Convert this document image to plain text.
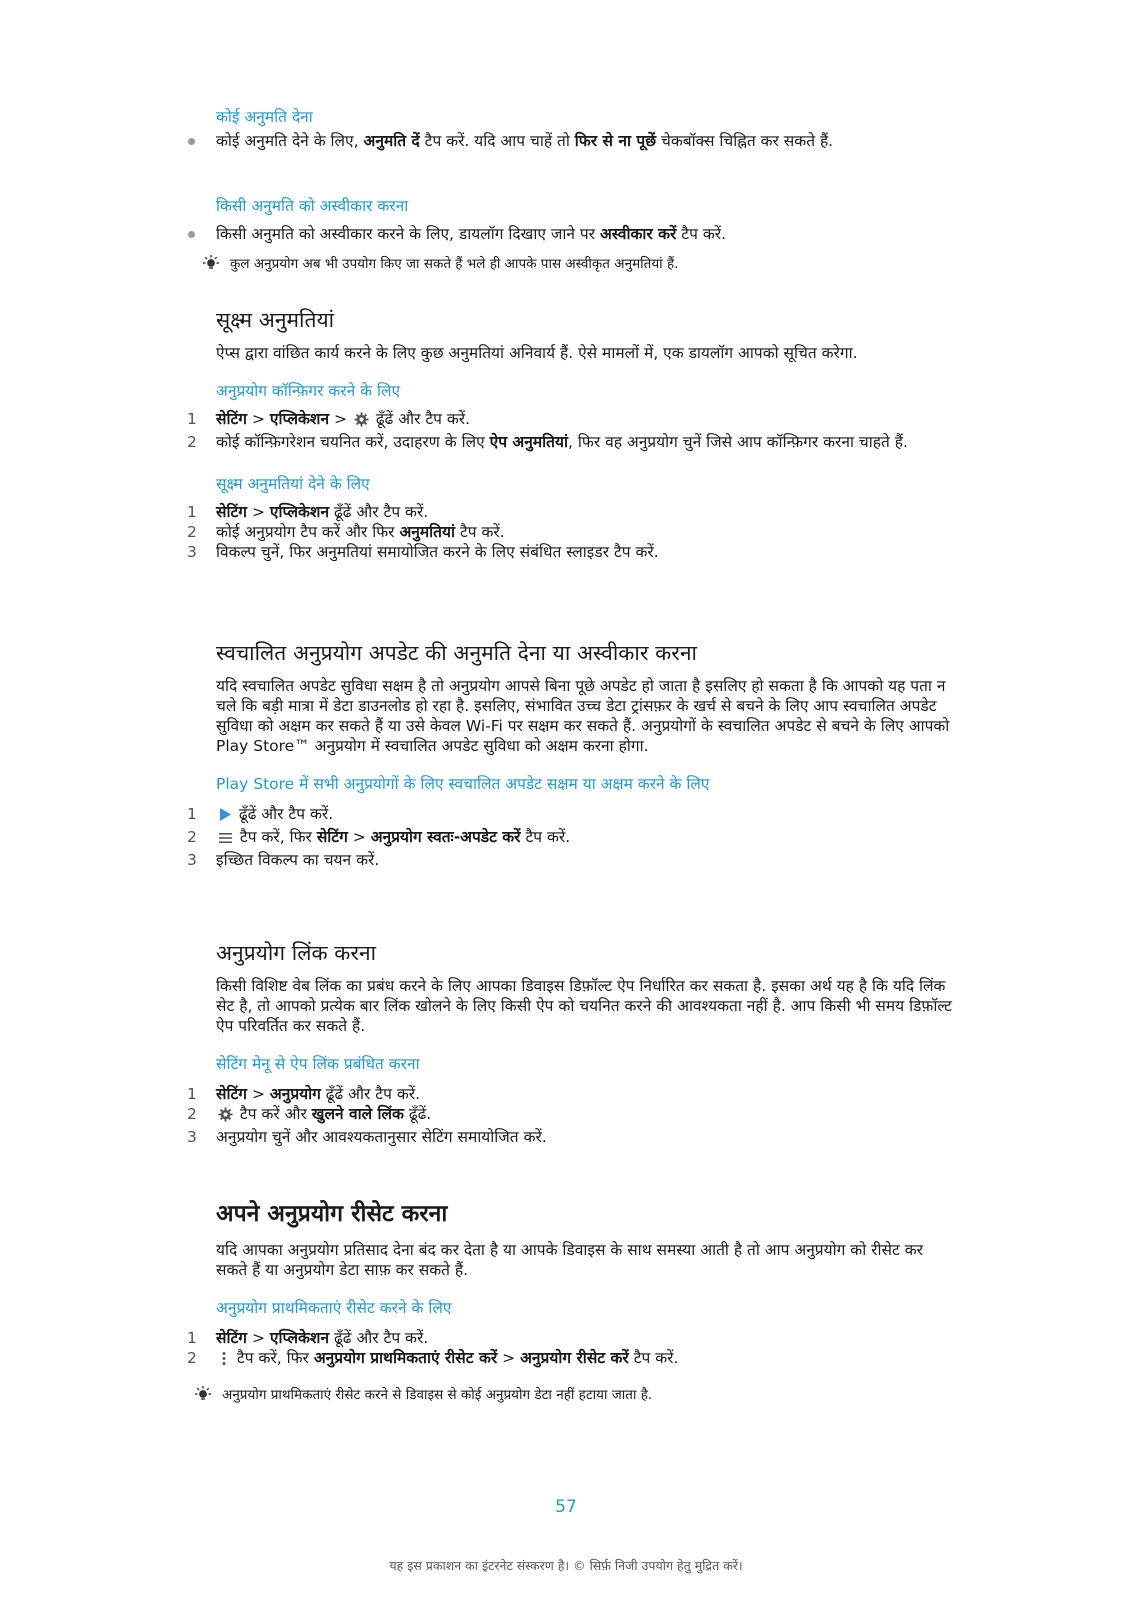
कोई अनुमति देना

कोई अनुमति देने के लिए, अनुमति दें टैप करें. यदि आप चाहें तो फिर से ना पूछें चेकबॉक्स चिह्नित कर सकते हैं.

किसी अनुमति को अस्वीकार करना

किसी अनुमति को अस्वीकार करने के लिए, डायलॉग दिखाए जाने पर अस्वीकार करें टैप करें.
कुल अनुप्रयोग अब भी उपयोग किए जा सकते हैं भले ही आपके पास अस्वीकृत अनुमतियां हैं.
सूक्ष्म अनुमतियां

ऐप्स द्वारा वांछित कार्य करने के लिए कुछ अनुमतियां अनिवार्य हैं. ऐसे मामलों में, एक डायलॉग आपको सूचित करेगा.

अनुप्रयोग कॉन्फ़िगर करने के लिए

1 सेटिंग > एप्लिकेशन >  ढूँढें और टैप करें.
2 कोई कॉन्फ़िगरेशन चयनित करें, उदाहरण के लिए ऐप अनुमतियां, फिर वह अनुप्रयोग चुनें जिसे आप कॉन्फ़िगर करना चाहते हैं.

सूक्ष्म अनुमतियां देने के लिए

1 सेटिंग > एप्लिकेशन ढूँढें और टैप करें.
2 कोई अनुप्रयोग टैप करें और फिर अनुमतियां टैप करें.
3 विकल्प चुनें, फिर अनुमतियां समायोजित करने के लिए संबंधित स्लाइडर टैप करें.
स्वचालित अनुप्रयोग अपडेट की अनुमति देना या अस्वीकार करना

यदि स्वचालित अपडेट सुविधा सक्षम है तो अनुप्रयोग आपसे बिना पूछे अपडेट हो जाता है इसलिए हो सकता है कि आपको यह पता न चले कि बड़ी मात्रा में डेटा डाउनलोड हो रहा है. इसलिए, संभावित उच्च डेटा ट्रांसफ़र के खर्च से बचने के लिए आप स्वचालित अपडेट सुविधा को अक्षम कर सकते हैं या उसे केवल Wi-Fi पर सक्षम कर सकते हैं. अनुप्रयोगों के स्वचालित अपडेट से बचने के लिए आपको Play Store™ अनुप्रयोग में स्वचालित अपडेट सुविधा को अक्षम करना होगा.

Play Store में सभी अनुप्रयोगों के लिए स्वचालित अपडेट सक्षम या अक्षम करने के लिए

1 ढूँढें और टैप करें.
2 टैप करें, फिर सेटिंग > अनुप्रयोग स्वतः-अपडेट करें टैप करें.
3 इच्छित विकल्प का चयन करें.
अनुप्रयोग लिंक करना

किसी विशिष्ट वेब लिंक का प्रबंध करने के लिए आपका डिवाइस डिफ़ॉल्ट ऐप निर्धारित कर सकता है. इसका अर्थ यह है कि यदि लिंक सेट है, तो आपको प्रत्येक बार लिंक खोलने के लिए किसी ऐप को चयनित करने की आवश्यकता नहीं है. आप किसी भी समय डिफ़ॉल्ट ऐप परिवर्तित कर सकते हैं.

सेटिंग मेनू से ऐप लिंक प्रबंधित करना

1 सेटिंग > अनुप्रयोग ढूँढें और टैप करें.
2 टैप करें और खुलने वाले लिंक ढूँढें.
3 अनुप्रयोग चुनें और आवश्यकतानुसार सेटिंग समायोजित करें.
अपने अनुप्रयोग रीसेट करना

यदि आपका अनुप्रयोग प्रतिसाद देना बंद कर देता है या आपके डिवाइस के साथ समस्या आती है तो आप अनुप्रयोग को रीसेट कर सकते हैं या अनुप्रयोग डेटा साफ़ कर सकते हैं.

अनुप्रयोग प्राथमिकताएं रीसेट करने के लिए

1 सेटिंग > एप्लिकेशन ढूँढें और टैप करें.
2 टैप करें, फिर अनुप्रयोग प्राथमिकताएं रीसेट करें > अनुप्रयोग रीसेट करें टैप करें.
अनुप्रयोग प्राथमिकताएं रीसेट करने से डिवाइस से कोई अनुप्रयोग डेटा नहीं हटाया जाता है.
57
यह इस प्रकाशन का इंटरनेट संस्करण है। © सिर्फ़ निजी उपयोग हेतु मुद्रित करें।
